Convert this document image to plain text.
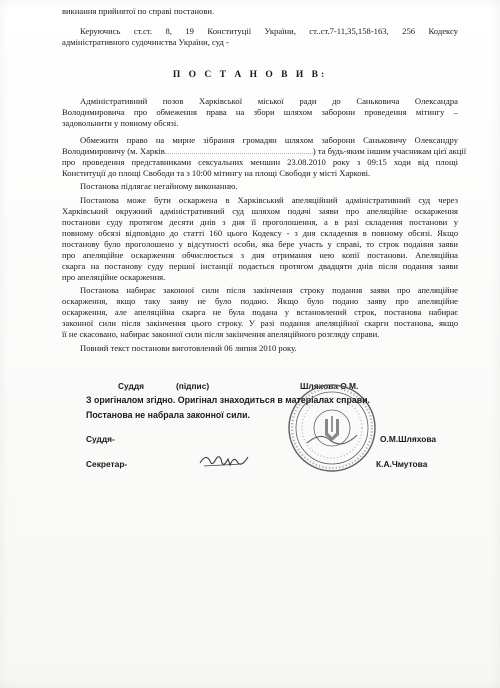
викнання прийнятої по справі постанови.
Керуючись ст.ст. 8, 19 Конституції України, ст..ст.7-11,35,158-163, 256 Кодексу
адміністративного судочинства України, суд -
П О С Т А Н О В И В:
Адміністративний позов Харківської міської ради до Саньковича Олександра
Володимировича про обмеження права на збори шляхом заборони проведення мітингу –
задовольнити у повному обсязі.
Обмежити право на мирне зібрання громадян шляхом заборони Саньковичу Олександру
Володимировичу (м. Харків	) та будь-яким іншим учасникам цієї акції
про проведення представниками сексуальних меншин 23.08.2010 року з 09:15 ходи від площі
Конституції до площі Свободи та з 10:00 мітингу на площі Свободи у місті Харкові.
Постанова підлягає негайному виконанню.
Постанова може бути оскаржена в Харківський апеляційний адміністративний суд через
Харківський окружний адміністративний суд шляхом подачі заяви про апеляційне оскарження
постанови суду протягом десяти днів з дня її проголошення, а в разі складення постанови у
повному обсязі відповідно до статті 160 цього Кодексу - з дня складення в повному обсязі. Якщо
постанову було проголошено у відсутності особи, яка бере участь у справі, то строк подання заяви
про апеляційне оскарження обчислюється з дня отримання нею копії постанови. Апеляційна
скарга на постанову суду першої інстанції подається протягом двадцяти днів після подання заяви
про апеляційне оскарження.
Постанова набирає законної сили після закінчення строку подання заяви про апеляційне
оскарження, якщо таку заяву не було подано. Якщо було подано заяву про апеляційне
оскарження, але апеляційна скарга не була подана у встановлений строк, постанова набирає
законної сили після закінчення цього строку. У разі подання апеляційної скарги постанова, якщо
її не скасовано, набирає законної сили після закінчення апеляційного розгляду справи.
Повний текст постанови виготовлений 06 липня 2010 року.
Суддя	(підпис)	Шляхова О.М.
З оригіналом згідно. Оригінал знаходиться в матеріалах справи.
Постанова не набрала законної сили.
Суддя-	О.М.Шляхова
Секретар-	К.А.Чмутова
